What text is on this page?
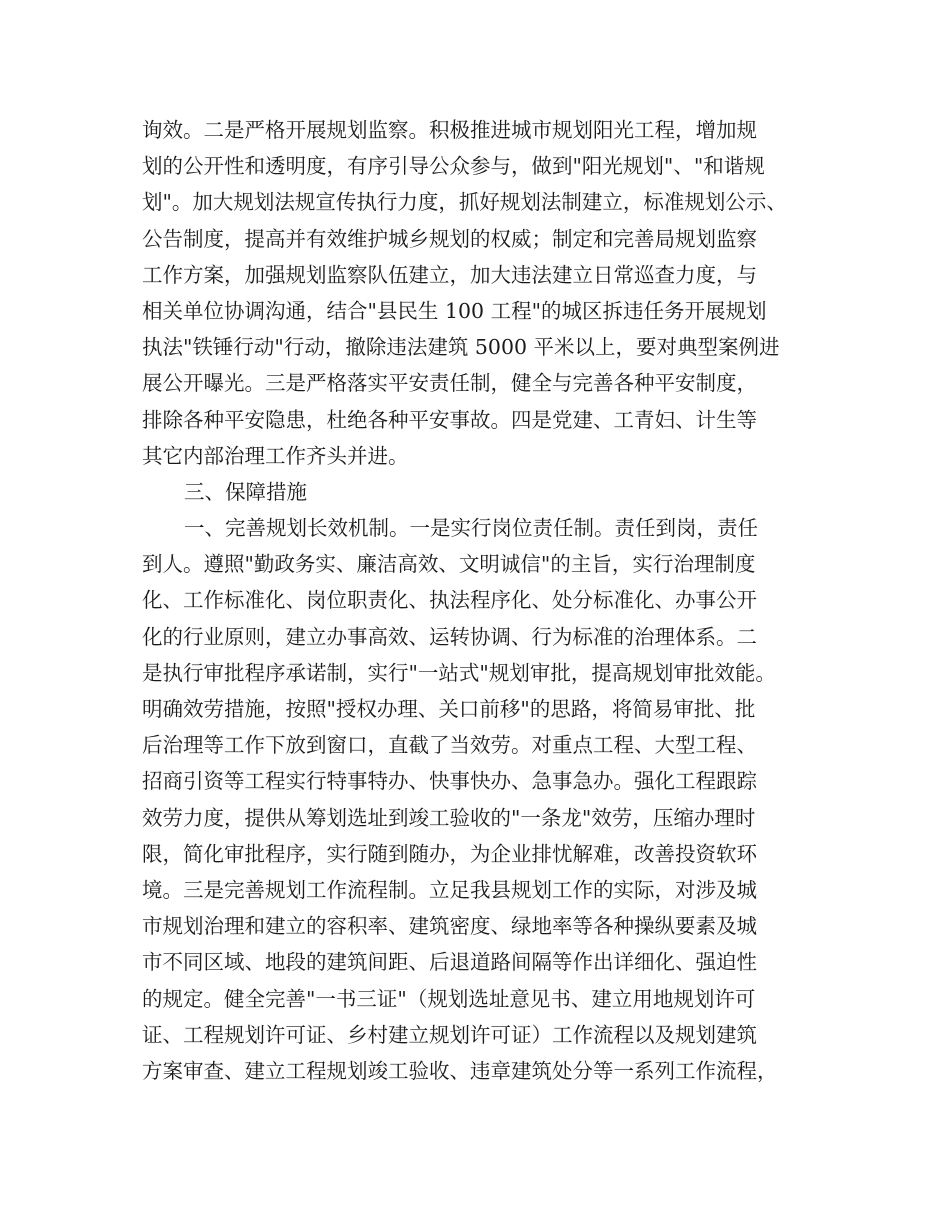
询效。二是严格开展规划监察。积极推进城市规划阳光工程，增加规
划的公开性和透明度，有序引导公众参与，做到"阳光规划"、"和谐规
划"。加大规划法规宣传执行力度，抓好规划法制建立，标准规划公示、
公告制度，提高并有效维护城乡规划的权威；制定和完善局规划监察
工作方案，加强规划监察队伍建立，加大违法建立日常巡查力度，与
相关单位协调沟通，结合"县民生 100 工程"的城区拆违任务开展规划
执法"铁锤行动"行动，撤除违法建筑 5000 平米以上，要对典型案例进
展公开曝光。三是严格落实平安责任制，健全与完善各种平安制度，
排除各种平安隐患，杜绝各种平安事故。四是党建、工青妇、计生等
其它内部治理工作齐头并进。
三、保障措施
一、完善规划长效机制。一是实行岗位责任制。责任到岗，责任
到人。遵照"勤政务实、廉洁高效、文明诚信"的主旨，实行治理制度
化、工作标准化、岗位职责化、执法程序化、处分标准化、办事公开
化的行业原则，建立办事高效、运转协调、行为标准的治理体系。二
是执行审批程序承诺制，实行"一站式"规划审批，提高规划审批效能。
明确效劳措施，按照"授权办理、关口前移"的思路，将简易审批、批
后治理等工作下放到窗口，直截了当效劳。对重点工程、大型工程、
招商引资等工程实行特事特办、快事快办、急事急办。强化工程跟踪
效劳力度，提供从筹划选址到竣工验收的"一条龙"效劳，压缩办理时
限，简化审批程序，实行随到随办，为企业排忧解难，改善投资软环
境。三是完善规划工作流程制。立足我县规划工作的实际，对涉及城
市规划治理和建立的容积率、建筑密度、绿地率等各种操纵要素及城
市不同区域、地段的建筑间距、后退道路间隔等作出详细化、强迫性
的规定。健全完善"一书三证"（规划选址意见书、建立用地规划许可
证、工程规划许可证、乡村建立规划许可证）工作流程以及规划建筑
方案审查、建立工程规划竣工验收、违章建筑处分等一系列工作流程，
